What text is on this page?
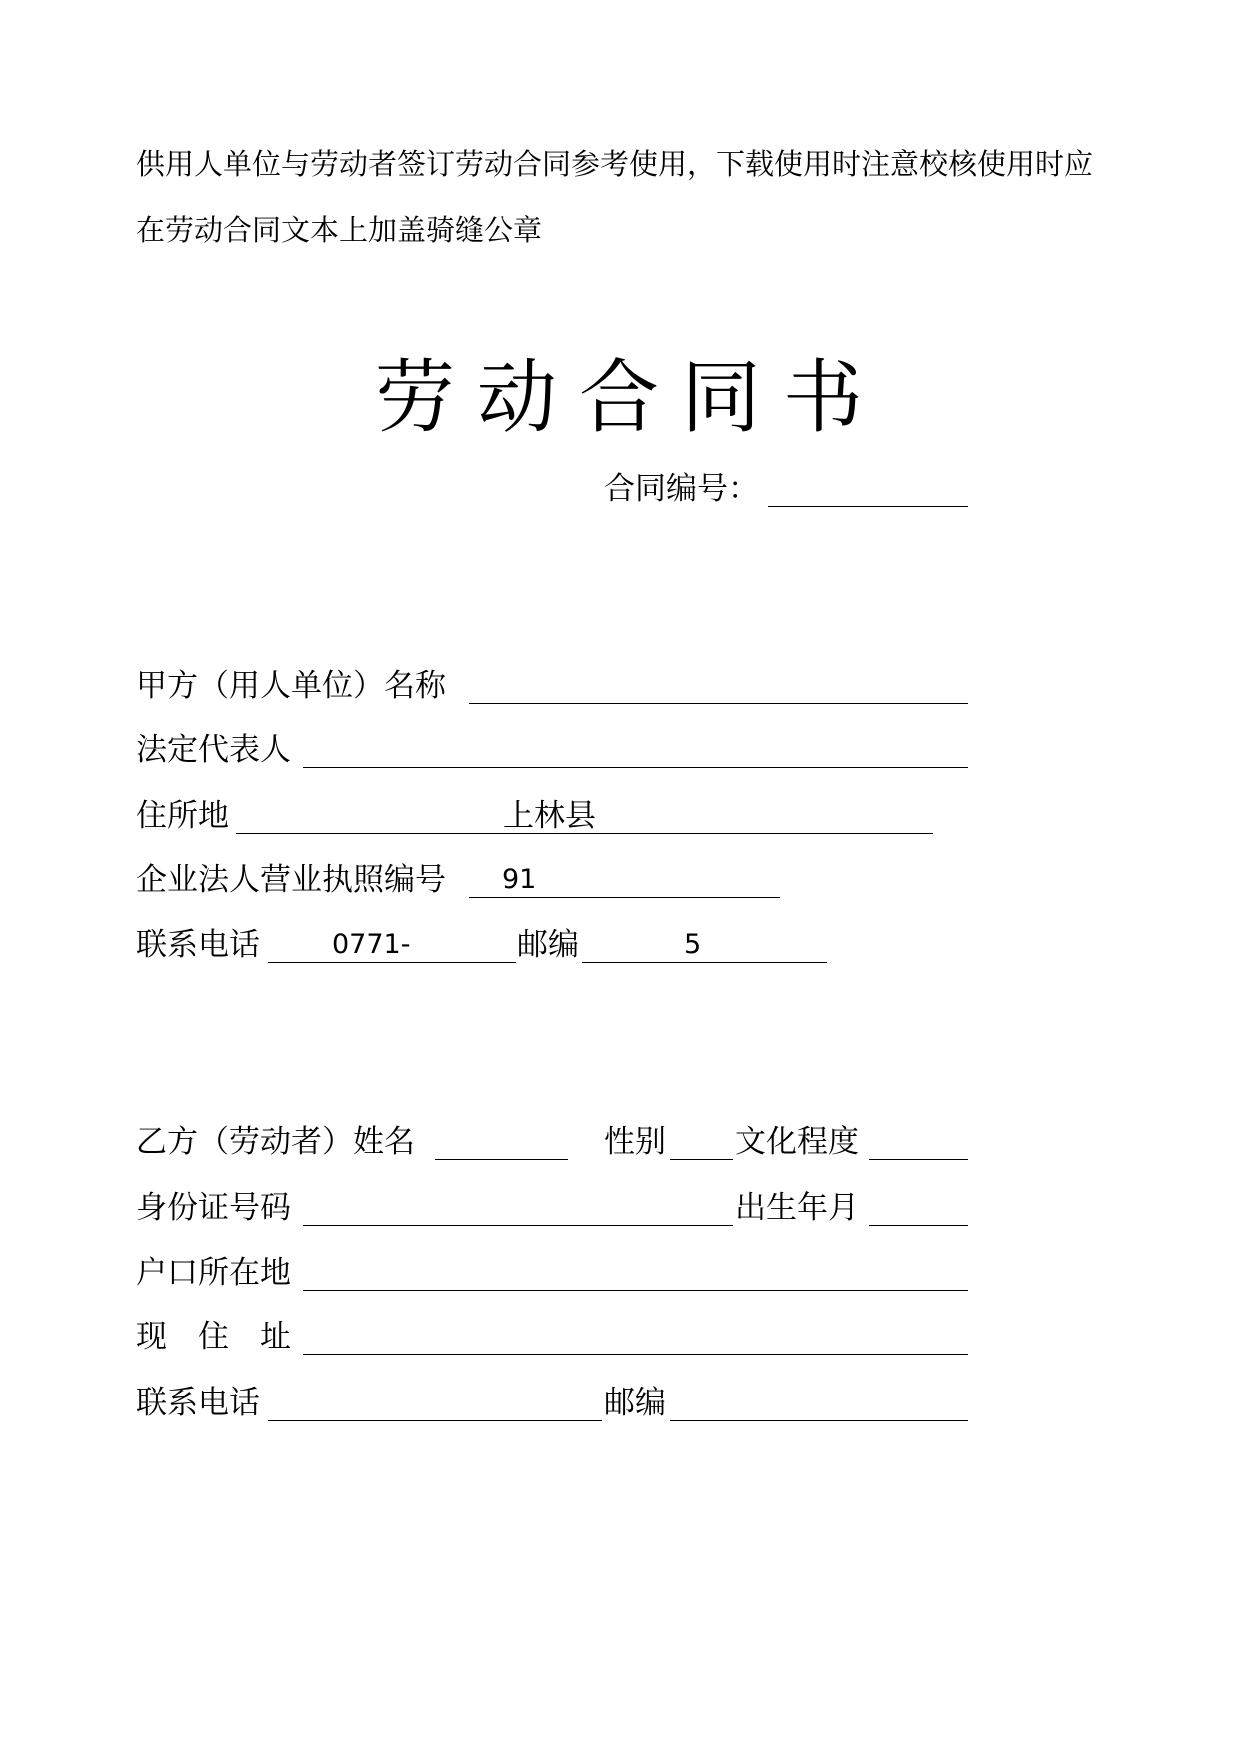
供用人单位与劳动者签订劳动合同参考使用，下载使用时注意校核使用时应
在劳动合同文本上加盖骑缝公章
劳动合同书
合同编号：
甲方（用人单位）名称
法定代表人
住所地	上林县
企业法人营业执照编号 91
联系电话	0771-	邮编	5
乙方（劳动者）姓名	性别 文化程度
身份证号码	出生年月
户口所在地
现　住　址
联系电话	邮编
